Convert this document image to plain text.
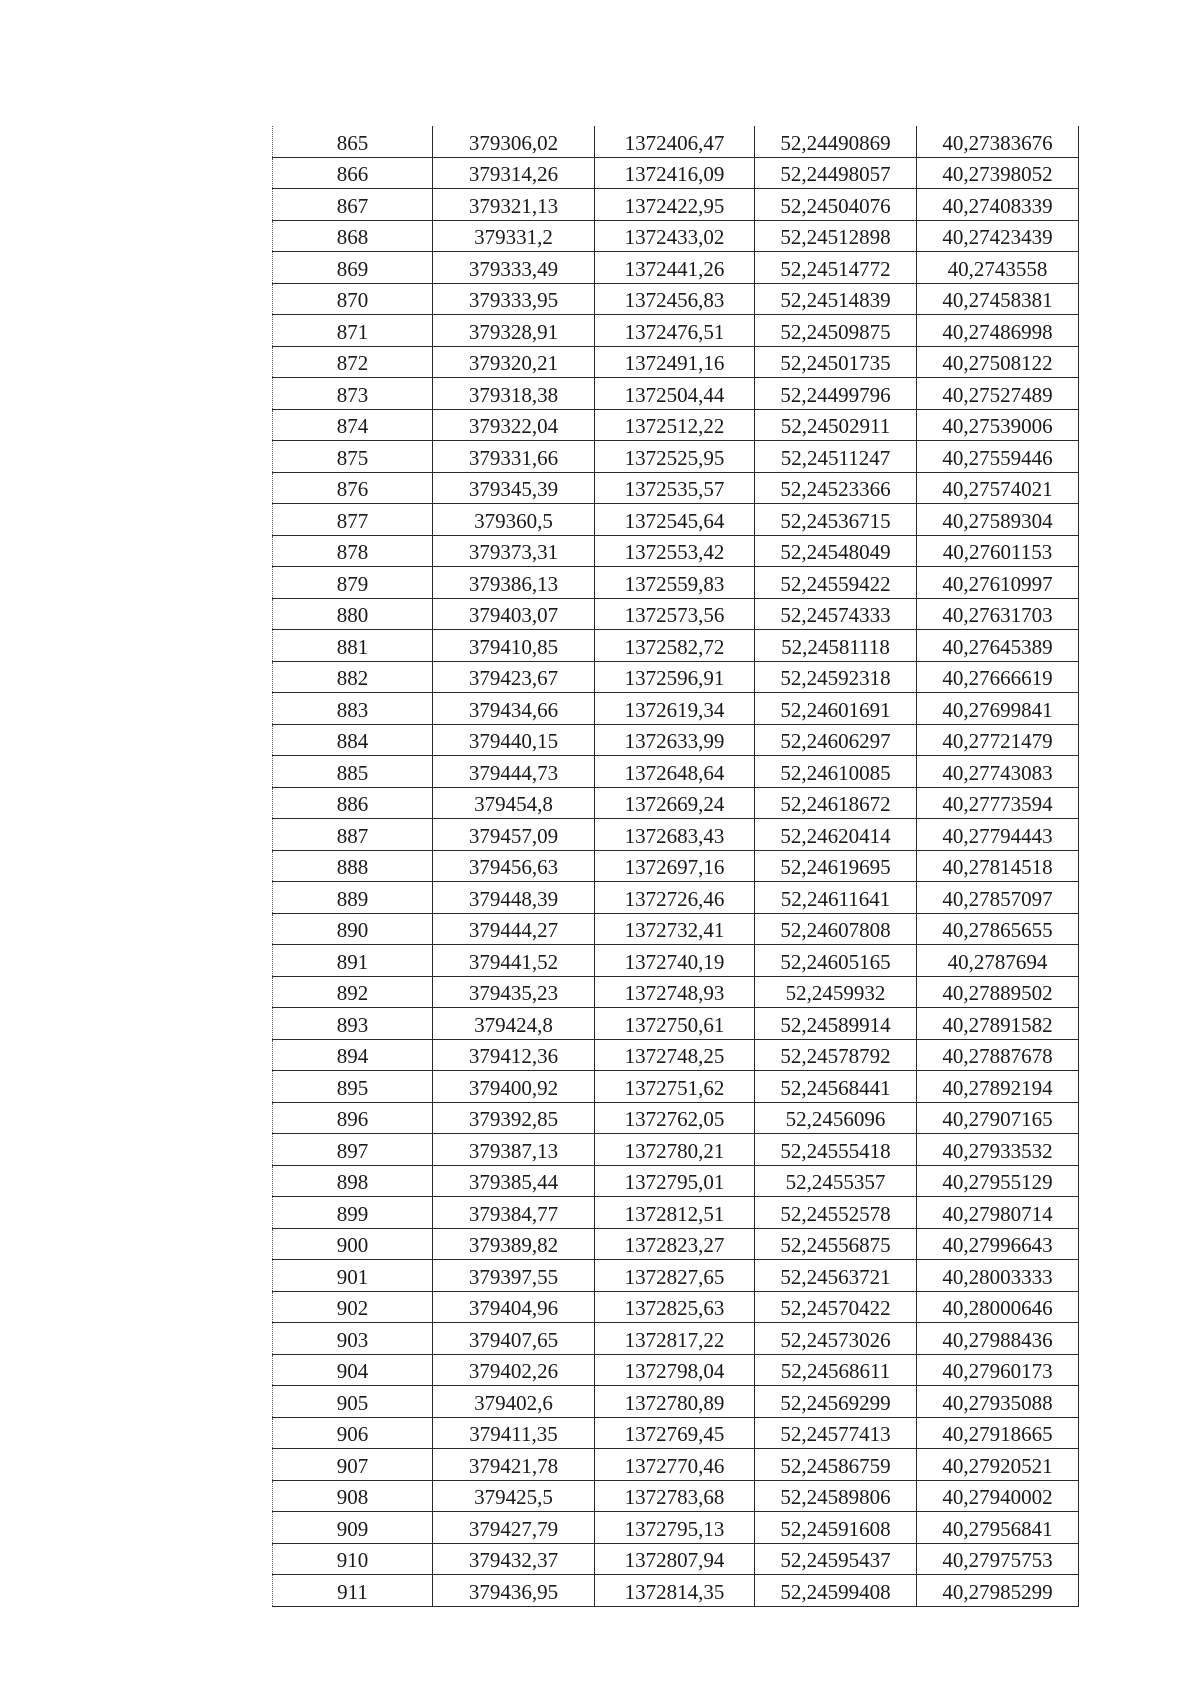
865	379306,02	1372406,47	52,24490869	40,27383676
866	379314,26	1372416,09	52,24498057	40,27398052
867	379321,13	1372422,95	52,24504076	40,27408339
868	379331,2	1372433,02	52,24512898	40,27423439
869	379333,49	1372441,26	52,24514772	40,2743558
870	379333,95	1372456,83	52,24514839	40,27458381
871	379328,91	1372476,51	52,24509875	40,27486998
872	379320,21	1372491,16	52,24501735	40,27508122
873	379318,38	1372504,44	52,24499796	40,27527489
874	379322,04	1372512,22	52,24502911	40,27539006
875	379331,66	1372525,95	52,24511247	40,27559446
876	379345,39	1372535,57	52,24523366	40,27574021
877	379360,5	1372545,64	52,24536715	40,27589304
878	379373,31	1372553,42	52,24548049	40,27601153
879	379386,13	1372559,83	52,24559422	40,27610997
880	379403,07	1372573,56	52,24574333	40,27631703
881	379410,85	1372582,72	52,24581118	40,27645389
882	379423,67	1372596,91	52,24592318	40,27666619
883	379434,66	1372619,34	52,24601691	40,27699841
884	379440,15	1372633,99	52,24606297	40,27721479
885	379444,73	1372648,64	52,24610085	40,27743083
886	379454,8	1372669,24	52,24618672	40,27773594
887	379457,09	1372683,43	52,24620414	40,27794443
888	379456,63	1372697,16	52,24619695	40,27814518
889	379448,39	1372726,46	52,24611641	40,27857097
890	379444,27	1372732,41	52,24607808	40,27865655
891	379441,52	1372740,19	52,24605165	40,2787694
892	379435,23	1372748,93	52,2459932	40,27889502
893	379424,8	1372750,61	52,24589914	40,27891582
894	379412,36	1372748,25	52,24578792	40,27887678
895	379400,92	1372751,62	52,24568441	40,27892194
896	379392,85	1372762,05	52,2456096	40,27907165
897	379387,13	1372780,21	52,24555418	40,27933532
898	379385,44	1372795,01	52,2455357	40,27955129
899	379384,77	1372812,51	52,24552578	40,27980714
900	379389,82	1372823,27	52,24556875	40,27996643
901	379397,55	1372827,65	52,24563721	40,28003333
902	379404,96	1372825,63	52,24570422	40,28000646
903	379407,65	1372817,22	52,24573026	40,27988436
904	379402,26	1372798,04	52,24568611	40,27960173
905	379402,6	1372780,89	52,24569299	40,27935088
906	379411,35	1372769,45	52,24577413	40,27918665
907	379421,78	1372770,46	52,24586759	40,27920521
908	379425,5	1372783,68	52,24589806	40,27940002
909	379427,79	1372795,13	52,24591608	40,27956841
910	379432,37	1372807,94	52,24595437	40,27975753
911	379436,95	1372814,35	52,24599408	40,27985299
